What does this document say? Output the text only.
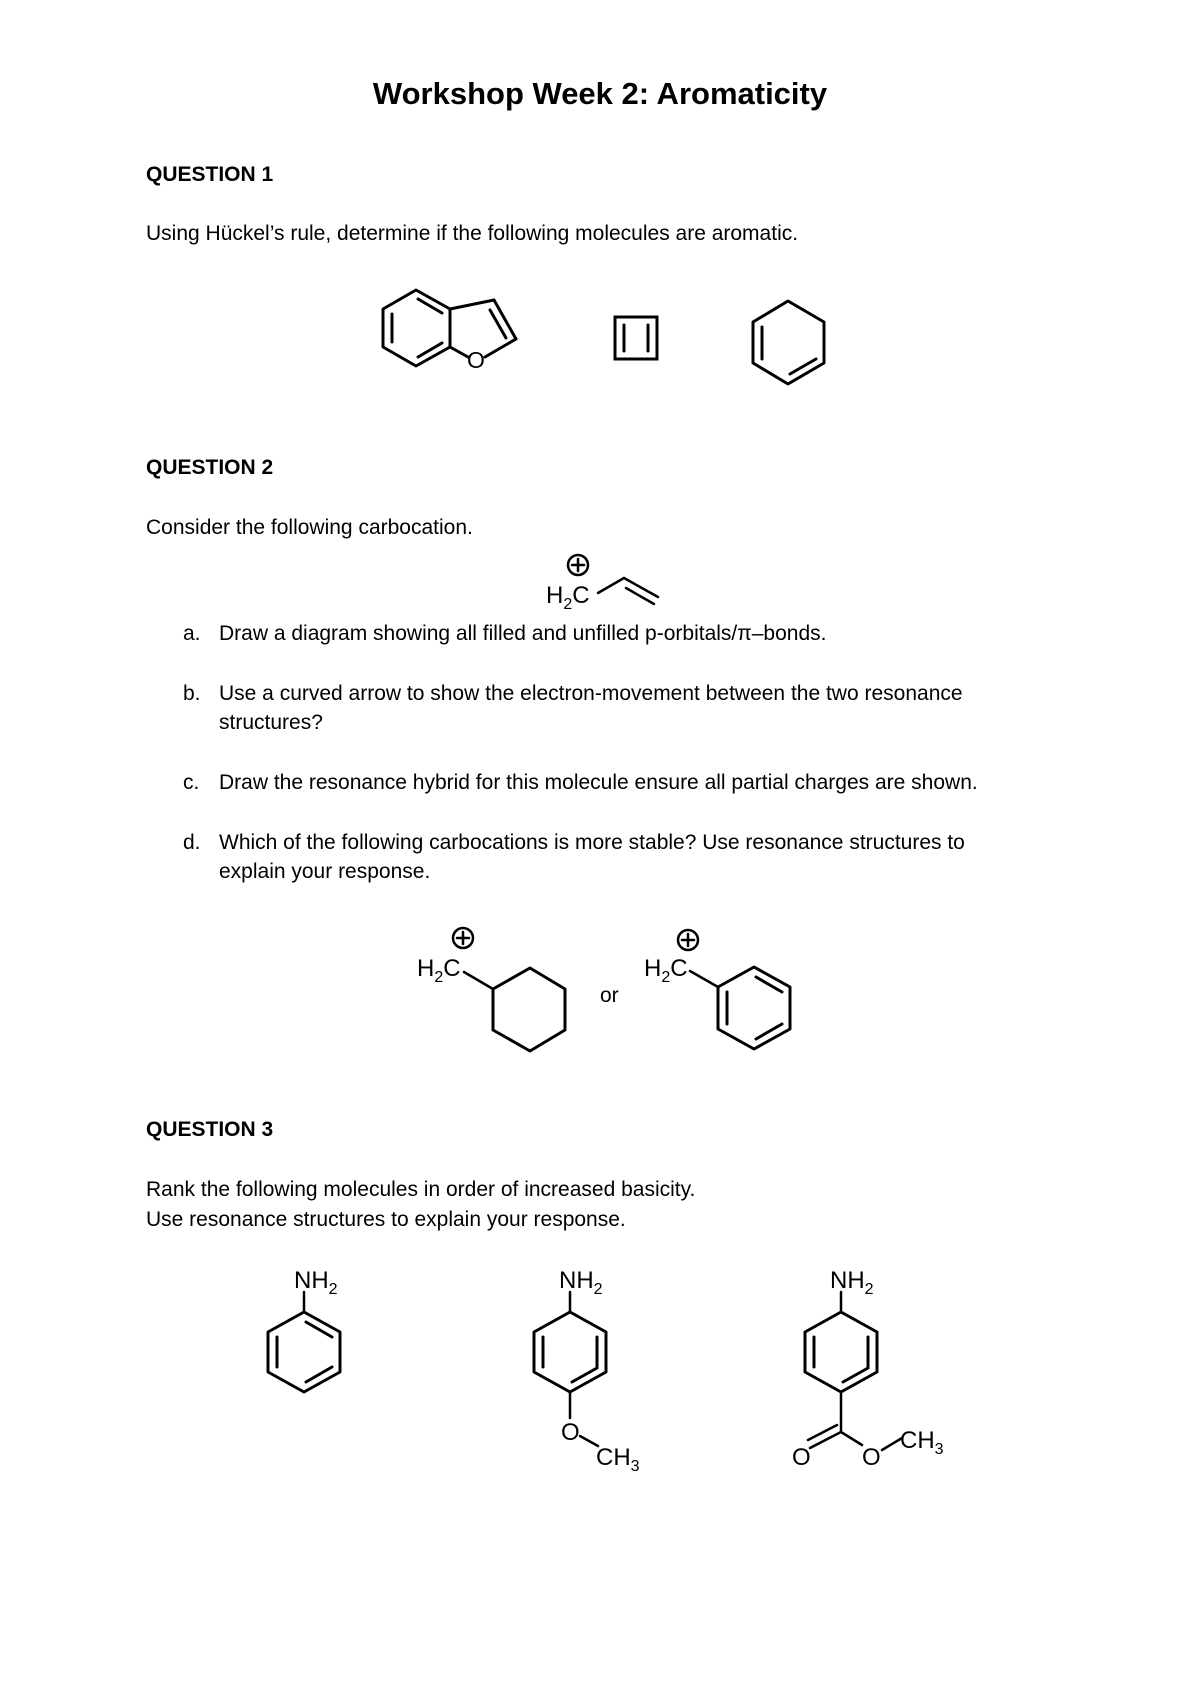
Workshop Week 2: Aromaticity
QUESTION 1
Using Hückel’s rule, determine if the following molecules are aromatic.
O
QUESTION 2
Consider the following carbocation.
$H_2C$
a. Draw a diagram showing all filled and unfilled p-orbitals/π–bonds.
b. Use a curved arrow to show the electron-movement between the two resonance
structures?
c. Draw the resonance hybrid for this molecule ensure all partial charges are shown.
d. Which of the following carbocations is more stable? Use resonance structures to
explain your response.
$H_2C$
or
$H_2C$
QUESTION 3
Rank the following molecules in order of increased basicity.
Use resonance structures to explain your response.
$NH_2$	$NH_2$
O
$CH_3$
$NH_2$
O O
$CH_3$
